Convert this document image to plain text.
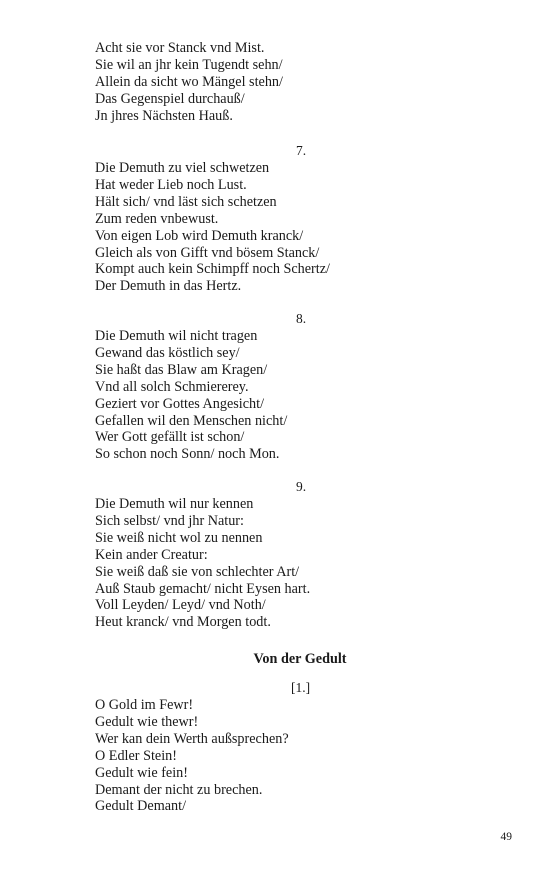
Acht sie vor Stanck vnd Mist.
Sie wil an jhr kein Tugendt sehn/
Allein da sicht wo Mängel stehn/
Das Gegenspiel durchauß/
Jn jhres Nächsten Hauß.
7.
Die Demuth zu viel schwetzen
Hat weder Lieb noch Lust.
Hält sich/ vnd läst sich schetzen
Zum reden vnbewust.
Von eigen Lob wird Demuth kranck/
Gleich als von Gifft vnd bösem Stanck/
Kompt auch kein Schimpff noch Schertz/
Der Demuth in das Hertz.
8.
Die Demuth wil nicht tragen
Gewand das köstlich sey/
Sie haßt das Blaw am Kragen/
Vnd all solch Schmiererey.
Geziert vor Gottes Angesicht/
Gefallen wil den Menschen nicht/
Wer Gott gefällt ist schon/
So schon noch Sonn/ noch Mon.
9.
Die Demuth wil nur kennen
Sich selbst/ vnd jhr Natur:
Sie weiß nicht wol zu nennen
Kein ander Creatur:
Sie weiß daß sie von schlechter Art/
Auß Staub gemacht/ nicht Eysen hart.
Voll Leyden/ Leyd/ vnd Noth/
Heut kranck/ vnd Morgen todt.
Von der Gedult
[1.]
O Gold im Fewr!
Gedult wie thewr!
Wer kan dein Werth außsprechen?
O Edler Stein!
Gedult wie fein!
Demant der nicht zu brechen.
Gedult Demant/
49
